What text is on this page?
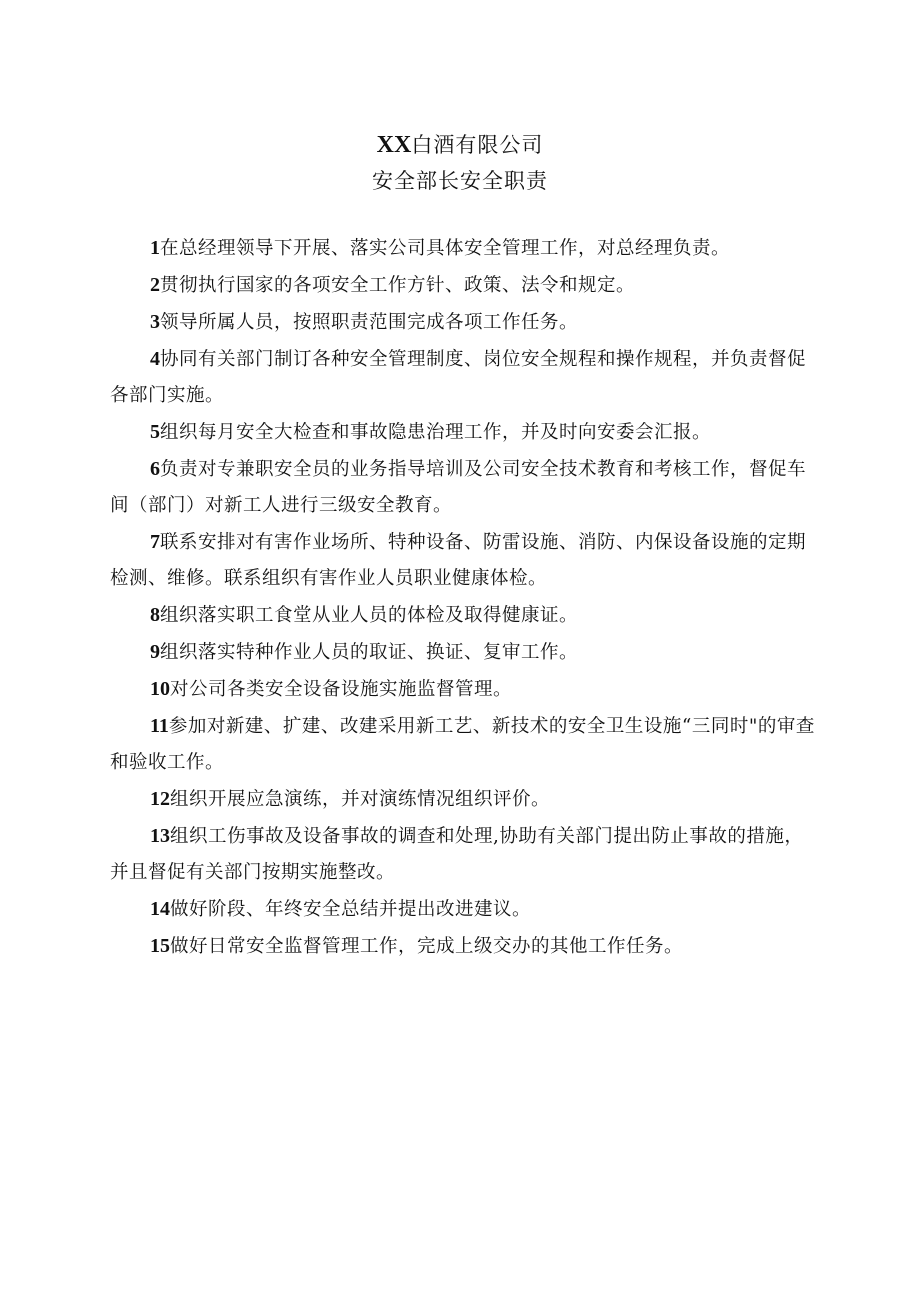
XX白酒有限公司
安全部长安全职责

1在总经理领导下开展、落实公司具体安全管理工作，对总经理负责。

2贯彻执行国家的各项安全工作方针、政策、法令和规定。

3领导所属人员，按照职责范围完成各项工作任务。

4协同有关部门制订各种安全管理制度、岗位安全规程和操作规程，并负责督促各部门实施。

5组织每月安全大检查和事故隐患治理工作，并及时向安委会汇报。

6负责对专兼职安全员的业务指导培训及公司安全技术教育和考核工作，督促车间（部门）对新工人进行三级安全教育。

7联系安排对有害作业场所、特种设备、防雷设施、消防、内保设备设施的定期检测、维修。联系组织有害作业人员职业健康体检。

8组织落实职工食堂从业人员的体检及取得健康证。

9组织落实特种作业人员的取证、换证、复审工作。

10对公司各类安全设备设施实施监督管理。

11参加对新建、扩建、改建采用新工艺、新技术的安全卫生设施“三同时"的审查和验收工作。

12组织开展应急演练，并对演练情况组织评价。

13组织工伤事故及设备事故的调查和处理,协助有关部门提出防止事故的措施，并且督促有关部门按期实施整改。

14做好阶段、年终安全总结并提出改进建议。

15做好日常安全监督管理工作，完成上级交办的其他工作任务。
